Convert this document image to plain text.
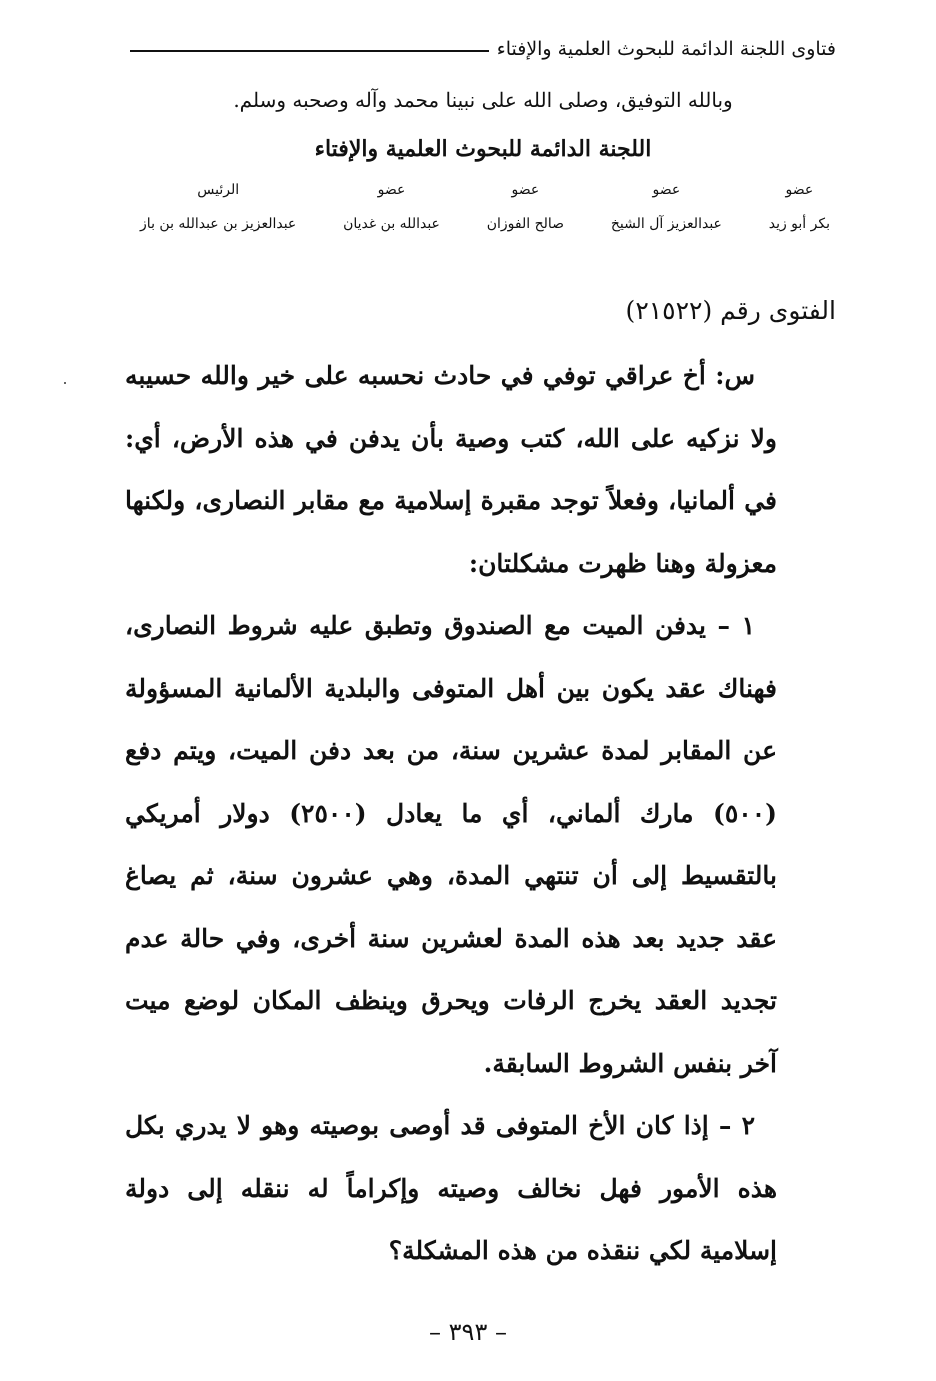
فتاوى اللجنة الدائمة للبحوث العلمية والإفتاء
وبالله التوفيق، وصلى الله على نبينا محمد وآله وصحبه وسلم.
اللجنة الدائمة للبحوث العلمية والإفتاء
عضو
بكر أبو زيد
عضو
عبدالعزيز آل الشيخ
عضو
صالح الفوزان
عضو
عبدالله بن غديان
الرئيس
عبدالعزيز بن عبدالله بن باز
الفتوى رقم (٢١٥٢٢)

س: أخ عراقي توفي في حادث نحسبه على خير والله حسيبه ولا نزكيه على الله، كتب وصية بأن يدفن في هذه الأرض، أي: في ألمانيا، وفعلاً توجد مقبرة إسلامية مع مقابر النصارى، ولكنها معزولة وهنا ظهرت مشكلتان:

١ – يدفن الميت مع الصندوق وتطبق عليه شروط النصارى، فهناك عقد يكون بين أهل المتوفى والبلدية الألمانية المسؤولة عن المقابر لمدة عشرين سنة، من بعد دفن الميت، ويتم دفع (٥٠٠) مارك ألماني، أي ما يعادل (٢٥٠٠) دولار أمريكي بالتقسيط إلى أن تنتهي المدة، وهي عشرون سنة، ثم يصاغ عقد جديد بعد هذه المدة لعشرين سنة أخرى، وفي حالة عدم تجديد العقد يخرج الرفات ويحرق وينظف المكان لوضع ميت آخر بنفس الشروط السابقة.

٢ – إذا كان الأخ المتوفى قد أوصى بوصيته وهو لا يدري بكل هذه الأمور فهل نخالف وصيته وإكراماً له ننقله إلى دولة إسلامية لكي ننقذه من هذه المشكلة؟

– ٣٩٣ –
